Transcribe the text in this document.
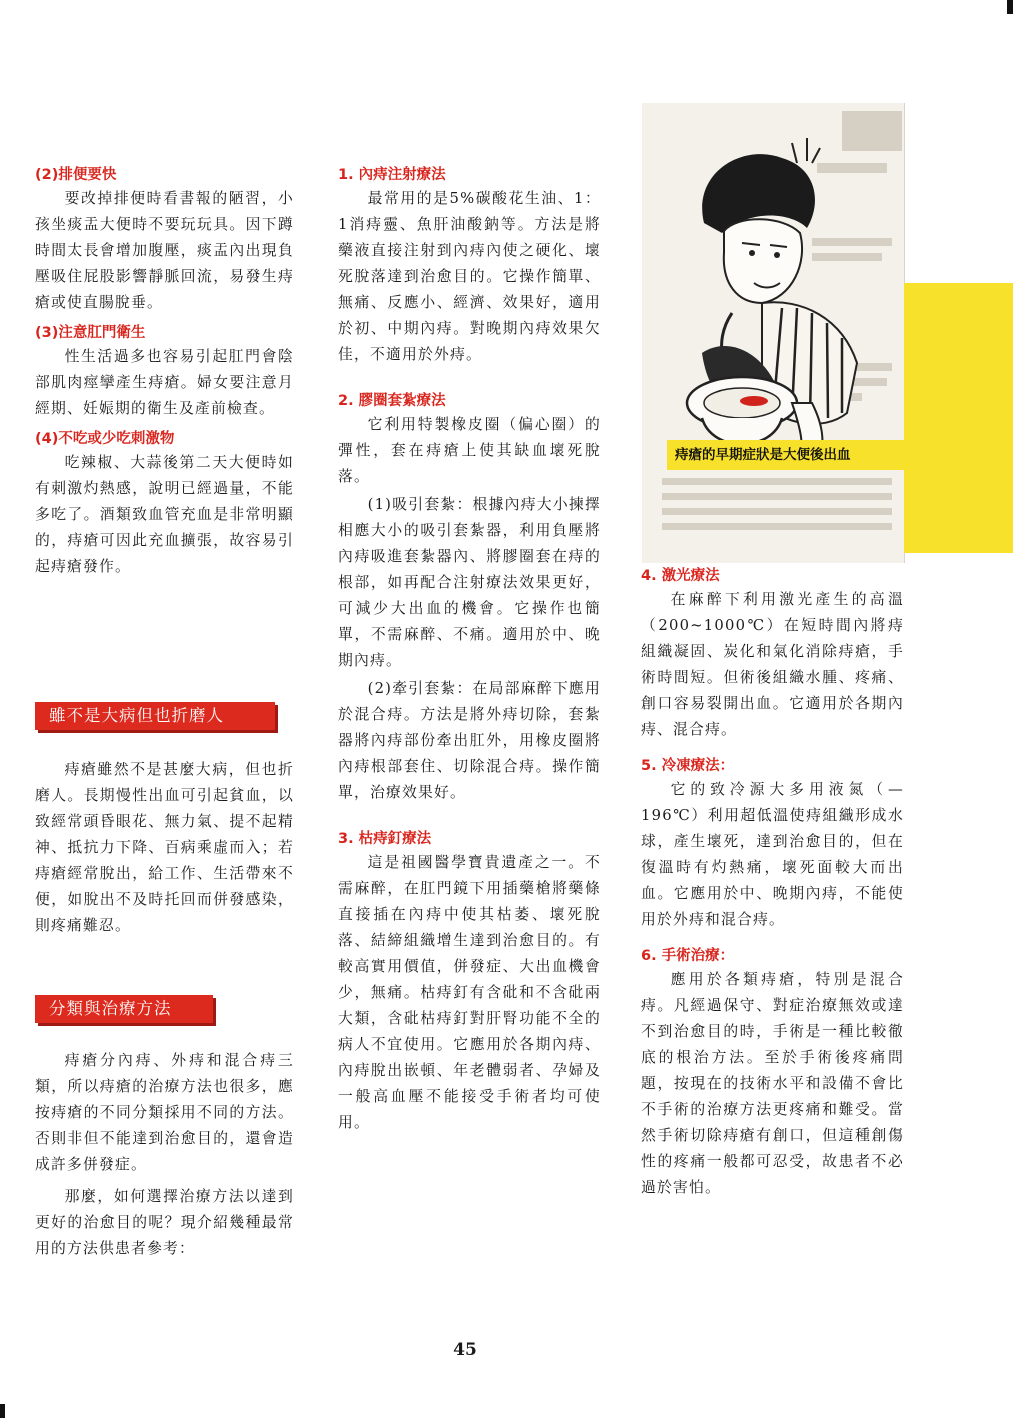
(2)排便要快

要改掉排便時看書報的陋習，小孩坐痰盂大便時不要玩玩具。因下蹲時間太長會增加腹壓，痰盂內出現負壓吸住屁股影響靜脈回流，易發生痔瘡或使直腸脫垂。

(3)注意肛門衛生

性生活過多也容易引起肛門會陰部肌肉痙攣產生痔瘡。婦女要注意月經期、妊娠期的衛生及產前檢查。

(4)不吃或少吃刺激物

吃辣椒、大蒜後第二天大便時如有刺激灼熱感，說明已經過量，不能多吃了。酒類致血管充血是非常明顯的，痔瘡可因此充血擴張，故容易引起痔瘡發作。

雖不是大病但也折磨人

痔瘡雖然不是甚麼大病，但也折磨人。長期慢性出血可引起貧血，以致經常頭昏眼花、無力氣、提不起精神、抵抗力下降、百病乘虛而入；若痔瘡經常脫出，給工作、生活帶來不便，如脫出不及時托回而併發感染，則疼痛難忍。

分類與治療方法

痔瘡分內痔、外痔和混合痔三類，所以痔瘡的治療方法也很多，應按痔瘡的不同分類採用不同的方法。否則非但不能達到治愈目的，還會造成許多併發症。

那麼，如何選擇治療方法以達到更好的治愈目的呢？現介紹幾種最常用的方法供患者參考：

1. 內痔注射療法

最常用的是5%碳酸花生油、1：1消痔靈、魚肝油酸鈉等。方法是將藥液直接注射到內痔內使之硬化、壞死脫落達到治愈目的。它操作簡單、無痛、反應小、經濟、效果好，適用於初、中期內痔。對晚期內痔效果欠佳，不適用於外痔。

2. 膠圈套紮療法

它利用特製橡皮圈（偏心圈）的彈性，套在痔瘡上使其缺血壞死脫落。

(1)吸引套紮：根據內痔大小揀擇相應大小的吸引套紮器，利用負壓將內痔吸進套紮器內、將膠圈套在痔的根部，如再配合注射療法效果更好，可減少大出血的機會。它操作也簡單，不需麻醉、不痛。適用於中、晚期內痔。

(2)牽引套紮：在局部麻醉下應用於混合痔。方法是將外痔切除，套紮器將內痔部份牽出肛外，用橡皮圈將內痔根部套住、切除混合痔。操作簡單，治療效果好。

3. 枯痔釘療法

這是祖國醫學寶貴遺產之一。不需麻醉，在肛門鏡下用插藥槍將藥條直接插在內痔中使其枯萎、壞死脫落、結締組織增生達到治愈目的。有較高實用價值，併發症、大出血機會少，無痛。枯痔釘有含砒和不含砒兩大類，含砒枯痔釘對肝腎功能不全的病人不宜使用。它應用於各期內痔、內痔脫出嵌頓、年老體弱者、孕婦及一般高血壓不能接受手術者均可使用。

痔瘡的早期症狀是大便後出血
4. 激光療法

在麻醉下利用激光產生的高溫（200~1000℃）在短時間內將痔組織凝固、炭化和氣化消除痔瘡，手術時間短。但術後組織水腫、疼痛、創口容易裂開出血。它適用於各期內痔、混合痔。

5. 冷凍療法：

它的致冷源大多用液氮（—196℃）利用超低溫使痔組織形成水球，產生壞死，達到治愈目的，但在復溫時有灼熱痛，壞死面較大而出血。它應用於中、晚期內痔，不能使用於外痔和混合痔。

6. 手術治療：

應用於各類痔瘡，特別是混合痔。凡經過保守、對症治療無效或達不到治愈目的時，手術是一種比較徹底的根治方法。至於手術後疼痛問題，按現在的技術水平和設備不會比不手術的治療方法更疼痛和難受。當然手術切除痔瘡有創口，但這種創傷性的疼痛一般都可忍受，故患者不必過於害怕。

45
